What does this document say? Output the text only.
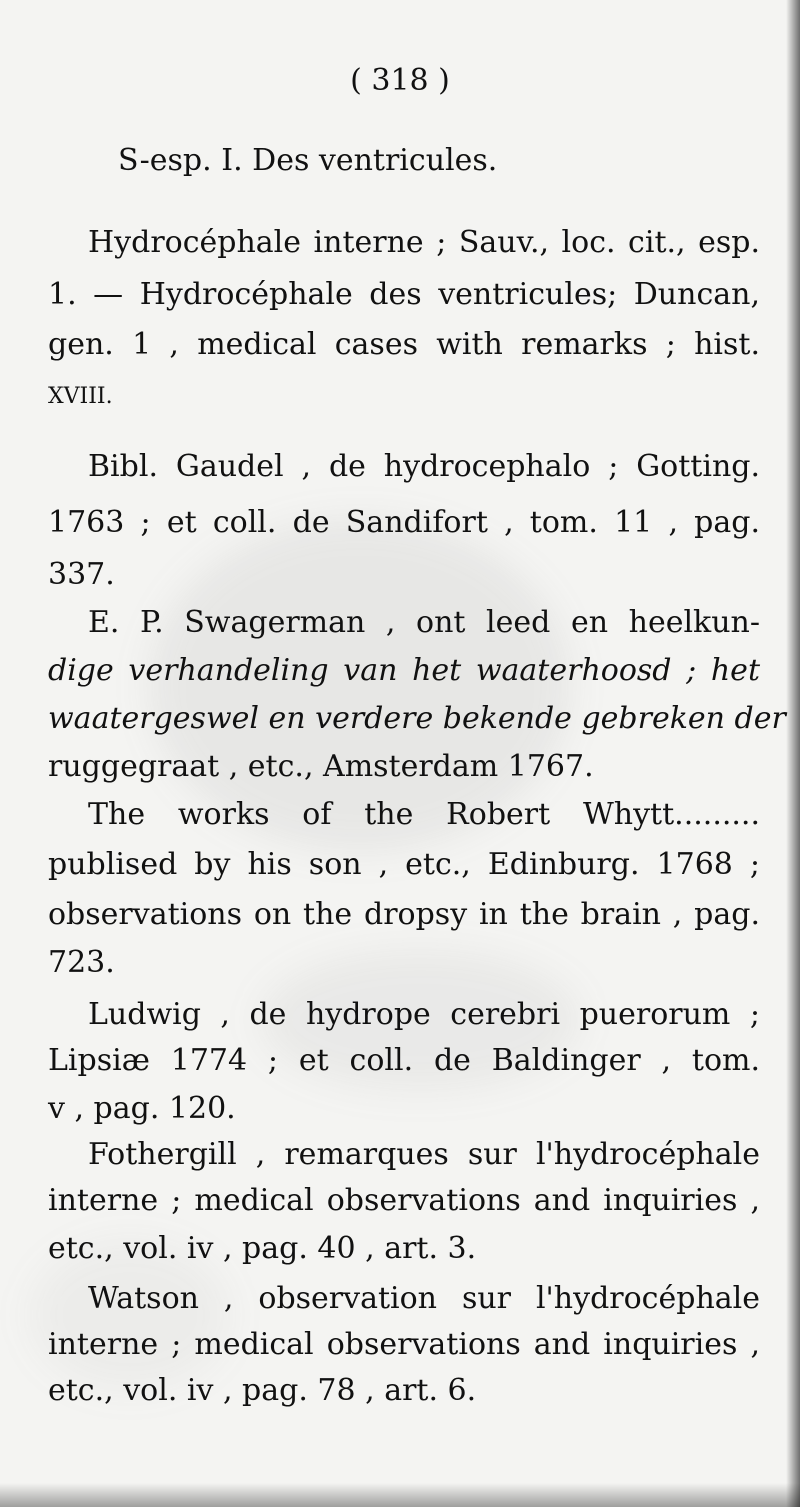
( 318 )
S-esp. I. Des ventricules.
Hydrocéphale interne ; Sauv., loc. cit., esp.
1. — Hydrocéphale des ventricules; Duncan,
gen. 1 , medical cases with remarks ; hist.
XVIII.
Bibl. Gaudel , de hydrocephalo ; Gotting.
1763 ; et coll. de Sandifort , tom. 11 , pag.
337.
E. P. Swagerman , ont leed en heelkun-
dige verhandeling van het waaterhoosd ; het
waatergeswel en verdere bekende gebreken der
ruggegraat , etc., Amsterdam 1767.
The works of the Robert Whytt.........
publised by his son , etc., Edinburg. 1768 ;
observations on the dropsy in the brain , pag.
723.
Ludwig , de hydrope cerebri puerorum ;
Lipsiæ 1774 ; et coll. de Baldinger , tom.
v , pag. 120.
Fothergill , remarques sur l'hydrocéphale
interne ; medical observations and inquiries ,
etc., vol. iv , pag. 40 , art. 3.
Watson , observation sur l'hydrocéphale
interne ; medical observations and inquiries ,
etc., vol. iv , pag. 78 , art. 6.
